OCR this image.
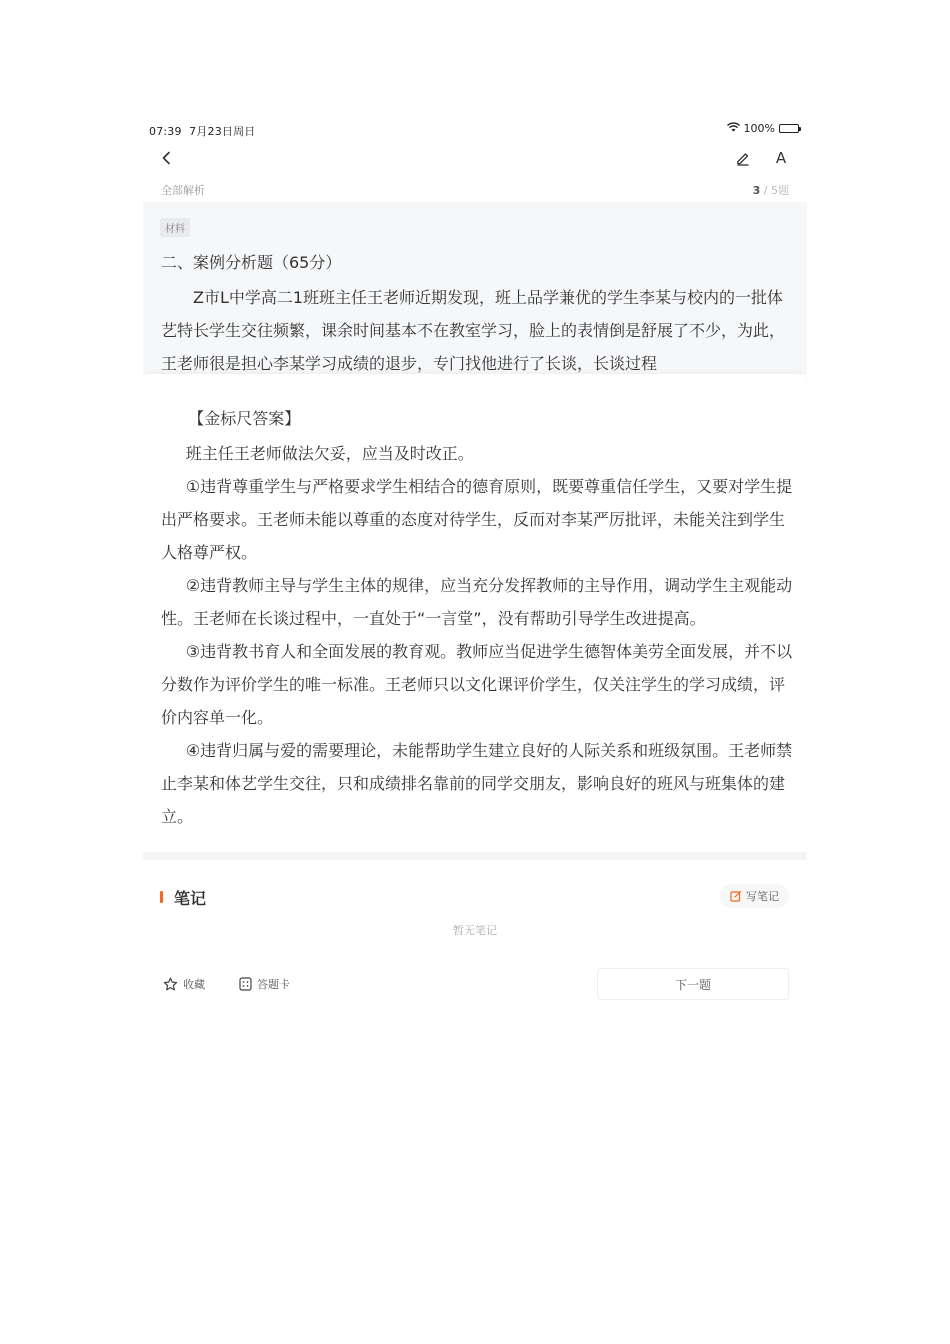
07:39 7月23日周日	100%
A
全部解析	3 / 5题
材料
二、案例分析题（65分）
Z市L中学高二1班班主任王老师近期发现，班上品学兼优的学生李某与校内的一批体艺特长学生交往频繁，课余时间基本不在教室学习，脸上的表情倒是舒展了不少，为此，王老师很是担心李某学习成绩的退步，专门找他进行了长谈，长谈过程
【金标尺答案】

班主任王老师做法欠妥，应当及时改正。

①违背尊重学生与严格要求学生相结合的德育原则，既要尊重信任学生，又要对学生提出严格要求。王老师未能以尊重的态度对待学生，反而对李某严厉批评，未能关注到学生人格尊严权。

②违背教师主导与学生主体的规律，应当充分发挥教师的主导作用，调动学生主观能动性。王老师在长谈过程中，一直处于“一言堂”，没有帮助引导学生改进提高。

③违背教书育人和全面发展的教育观。教师应当促进学生德智体美劳全面发展，并不以分数作为评价学生的唯一标准。王老师只以文化课评价学生，仅关注学生的学习成绩，评价内容单一化。

④违背归属与爱的需要理论，未能帮助学生建立良好的人际关系和班级氛围。王老师禁止李某和体艺学生交往，只和成绩排名靠前的同学交朋友，影响良好的班风与班集体的建立。

笔记	写笔记
暂无笔记
收藏	答题卡	下一题
